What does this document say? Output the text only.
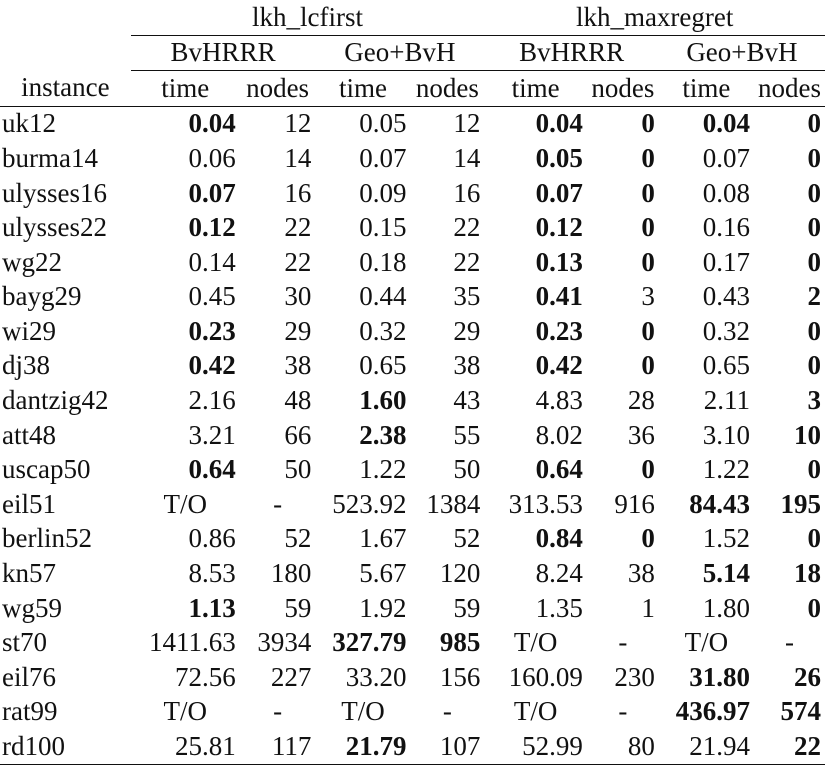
	lkh_lcfirst				lkh_maxregret			
	BvHRRR		Geo+BvH		BvHRRR		Geo+BvH	
instance	time	nodes	time	nodes	time	nodes	time	nodes
uk12	0.04	12	0.05	12	0.04	0	0.04	0
burma14	0.06	14	0.07	14	0.05	0	0.07	0
ulysses16	0.07	16	0.09	16	0.07	0	0.08	0
ulysses22	0.12	22	0.15	22	0.12	0	0.16	0
wg22	0.14	22	0.18	22	0.13	0	0.17	0
bayg29	0.45	30	0.44	35	0.41	3	0.43	2
wi29	0.23	29	0.32	29	0.23	0	0.32	0
dj38	0.42	38	0.65	38	0.42	0	0.65	0
dantzig42	2.16	48	1.60	43	4.83	28	2.11	3
att48	3.21	66	2.38	55	8.02	36	3.10	10
uscap50	0.64	50	1.22	50	0.64	0	1.22	0
eil51	T/O	-	523.92	1384	313.53	916	84.43	195
berlin52	0.86	52	1.67	52	0.84	0	1.52	0
kn57	8.53	180	5.67	120	8.24	38	5.14	18
wg59	1.13	59	1.92	59	1.35	1	1.80	0
st70	1411.63	3934	327.79	985	T/O	-	T/O	-
eil76	72.56	227	33.20	156	160.09	230	31.80	26
rat99	T/O	-	T/O	-	T/O	-	436.97	574
rd100	25.81	117	21.79	107	52.99	80	21.94	22
